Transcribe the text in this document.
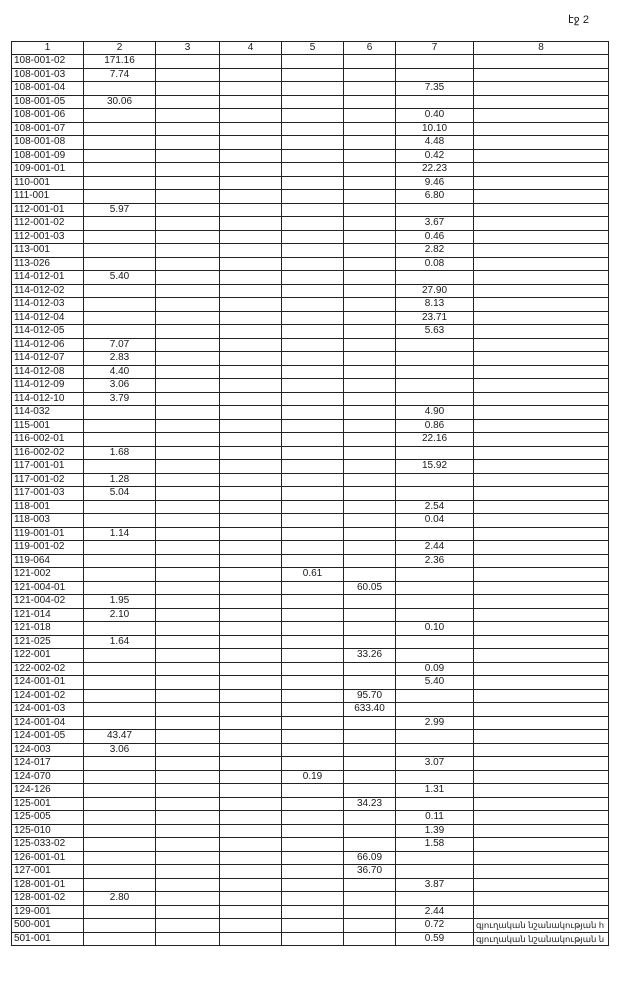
էջ 2
1	2	3	4	5	6	7	8
108-001-02	171.16						
108-001-03	7.74						
108-001-04						7.35	
108-001-05	30.06						
108-001-06						0.40	
108-001-07						10.10	
108-001-08						4.48	
108-001-09						0.42	
109-001-01						22.23	
110-001						9.46	
111-001						6.80	
112-001-01	5.97						
112-001-02						3.67	
112-001-03						0.46	
113-001						2.82	
113-026						0.08	
114-012-01	5.40						
114-012-02						27.90	
114-012-03						8.13	
114-012-04						23.71	
114-012-05						5.63	
114-012-06	7.07						
114-012-07	2.83						
114-012-08	4.40						
114-012-09	3.06						
114-012-10	3.79						
114-032						4.90	
115-001						0.86	
116-002-01						22.16	
116-002-02	1.68						
117-001-01						15.92	
117-001-02	1.28						
117-001-03	5.04						
118-001						2.54	
118-003						0.04	
119-001-01	1.14						
119-001-02						2.44	
119-064						2.36	
121-002				0.61			
121-004-01					60.05		
121-004-02	1.95						
121-014	2.10						
121-018						0.10	
121-025	1.64						
122-001					33.26		
122-002-02						0.09	
124-001-01						5.40	
124-001-02					95.70		
124-001-03					633.40		
124-001-04						2.99	
124-001-05	43.47						
124-003	3.06						
124-017						3.07	
124-070				0.19			
124-126						1.31	
125-001					34.23		
125-005						0.11	
125-010						1.39	
125-033-02						1.58	
126-001-01					66.09		
127-001					36.70		
128-001-01						3.87	
128-001-02	2.80						
129-001						2.44	
500-001						0.72	գյուղական նշանակության հ
501-001						0.59	գյուղական նշանակության ն
